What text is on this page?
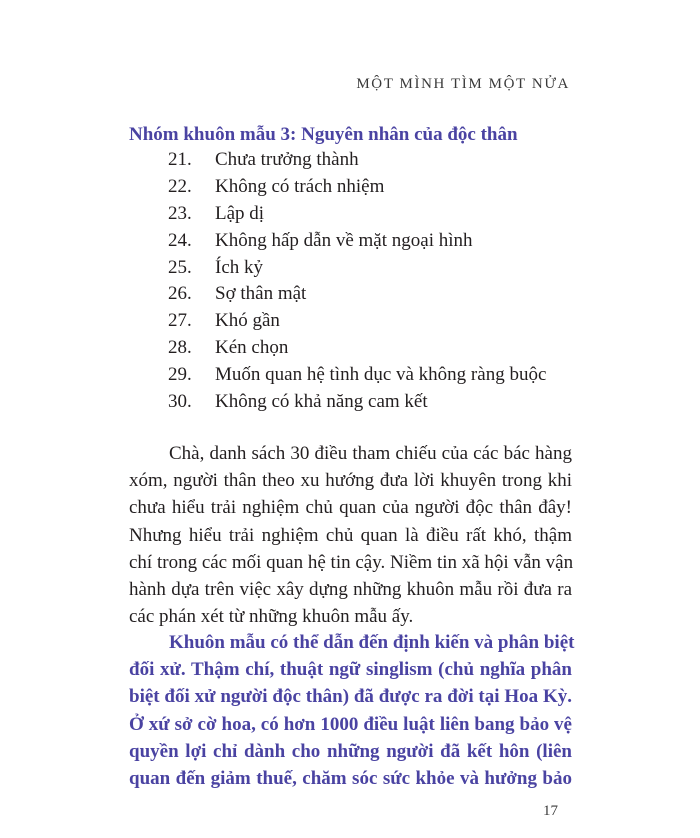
MỘT MÌNH TÌM MỘT NỬA
Nhóm khuôn mẫu 3: Nguyên nhân của độc thân
21.	Chưa trưởng thành
22.	Không có trách nhiệm
23.	Lập dị
24.	Không hấp dẫn về mặt ngoại hình
25.	Ích kỷ
26.	Sợ thân mật
27.	Khó gần
28.	Kén chọn
29.	Muốn quan hệ tình dục và không ràng buộc
30.	Không có khả năng cam kết
Chà, danh sách 30 điều tham chiếu của các bác hàng
xóm, người thân theo xu hướng đưa lời khuyên trong khi
chưa hiểu trải nghiệm chủ quan của người độc thân đây!
Nhưng hiểu trải nghiệm chủ quan là điều rất khó, thậm
chí trong các mối quan hệ tin cậy. Niềm tin xã hội vẫn vận
hành dựa trên việc xây dựng những khuôn mẫu rồi đưa ra
các phán xét từ những khuôn mẫu ấy.
Khuôn mẫu có thể dẫn đến định kiến và phân biệt
đối xử. Thậm chí, thuật ngữ singlism (chủ nghĩa phân
biệt đối xử người độc thân) đã được ra đời tại Hoa Kỳ.
Ở xứ sở cờ hoa, có hơn 1000 điều luật liên bang bảo vệ
quyền lợi chỉ dành cho những người đã kết hôn (liên
quan đến giảm thuế, chăm sóc sức khỏe và hưởng bảo
17
